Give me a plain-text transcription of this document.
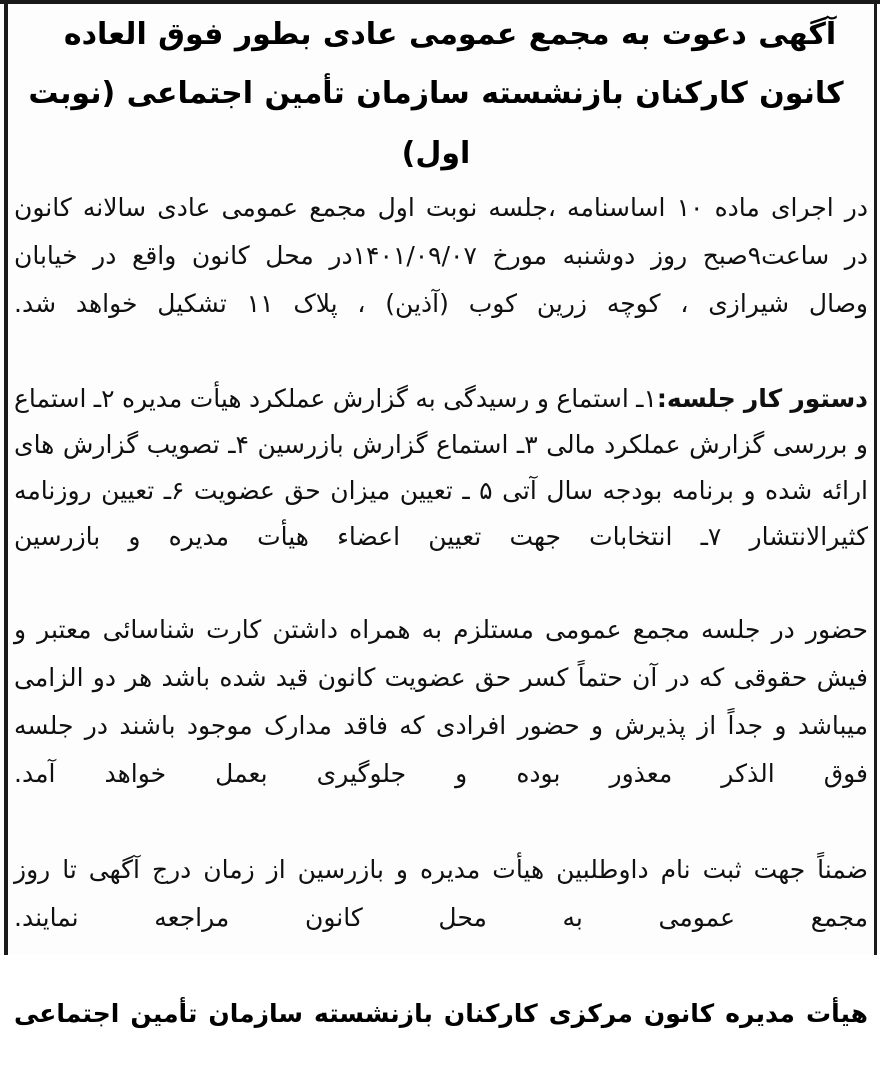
آگهی دعوت به مجمع عمومی عادی بطور فوق العاده
کانون کارکنان بازنشسته سازمان تأمین اجتماعی (نوبت اول)

در اجرای ماده ۱۰ اساسنامه ،جلسه نوبت اول مجمع عمومی عادی سالانه کانون در ساعت۹صبح روز دوشنبه مورخ ۱۴۰۱/۰۹/۰۷در محل کانون واقع در خیابان وصال شیرازی ، کوچه زرین کوب (آذین) ، پلاک ۱۱ تشکیل خواهد شد.

دستور کار جلسه:۱ـ استماع و رسیدگی به گزارش عملکرد هیأت مدیره ۲ـ استماع و بررسی گزارش عملکرد مالی ۳ـ استماع گزارش بازرسین ۴ـ تصویب گزارش های ارائه شده و برنامه بودجه سال آتی ۵ ـ تعیین میزان حق عضویت ۶ـ تعیین روزنامه کثیرالانتشار ۷ـ انتخابات جهت تعیین اعضاء هیأت مدیره و بازرسین

حضور در جلسه مجمع عمومی مستلزم به همراه داشتن کارت شناسائی معتبر و فیش حقوقی که در آن حتماً کسر حق عضویت کانون قید شده باشد هر دو الزامی میباشد و جداً از پذیرش و حضور افرادی که فاقد مدارک موجود باشند در جلسه فوق الذکر معذور بوده و جلوگیری بعمل خواهد آمد.

ضمناً جهت ثبت نام داوطلبین هیأت مدیره و بازرسین از زمان درج آگهی تا روز مجمع عمومی به محل کانون مراجعه نمایند.

هیأت مدیره کانون مرکزی کارکنان بازنشسته سازمان تأمین اجتماعی
